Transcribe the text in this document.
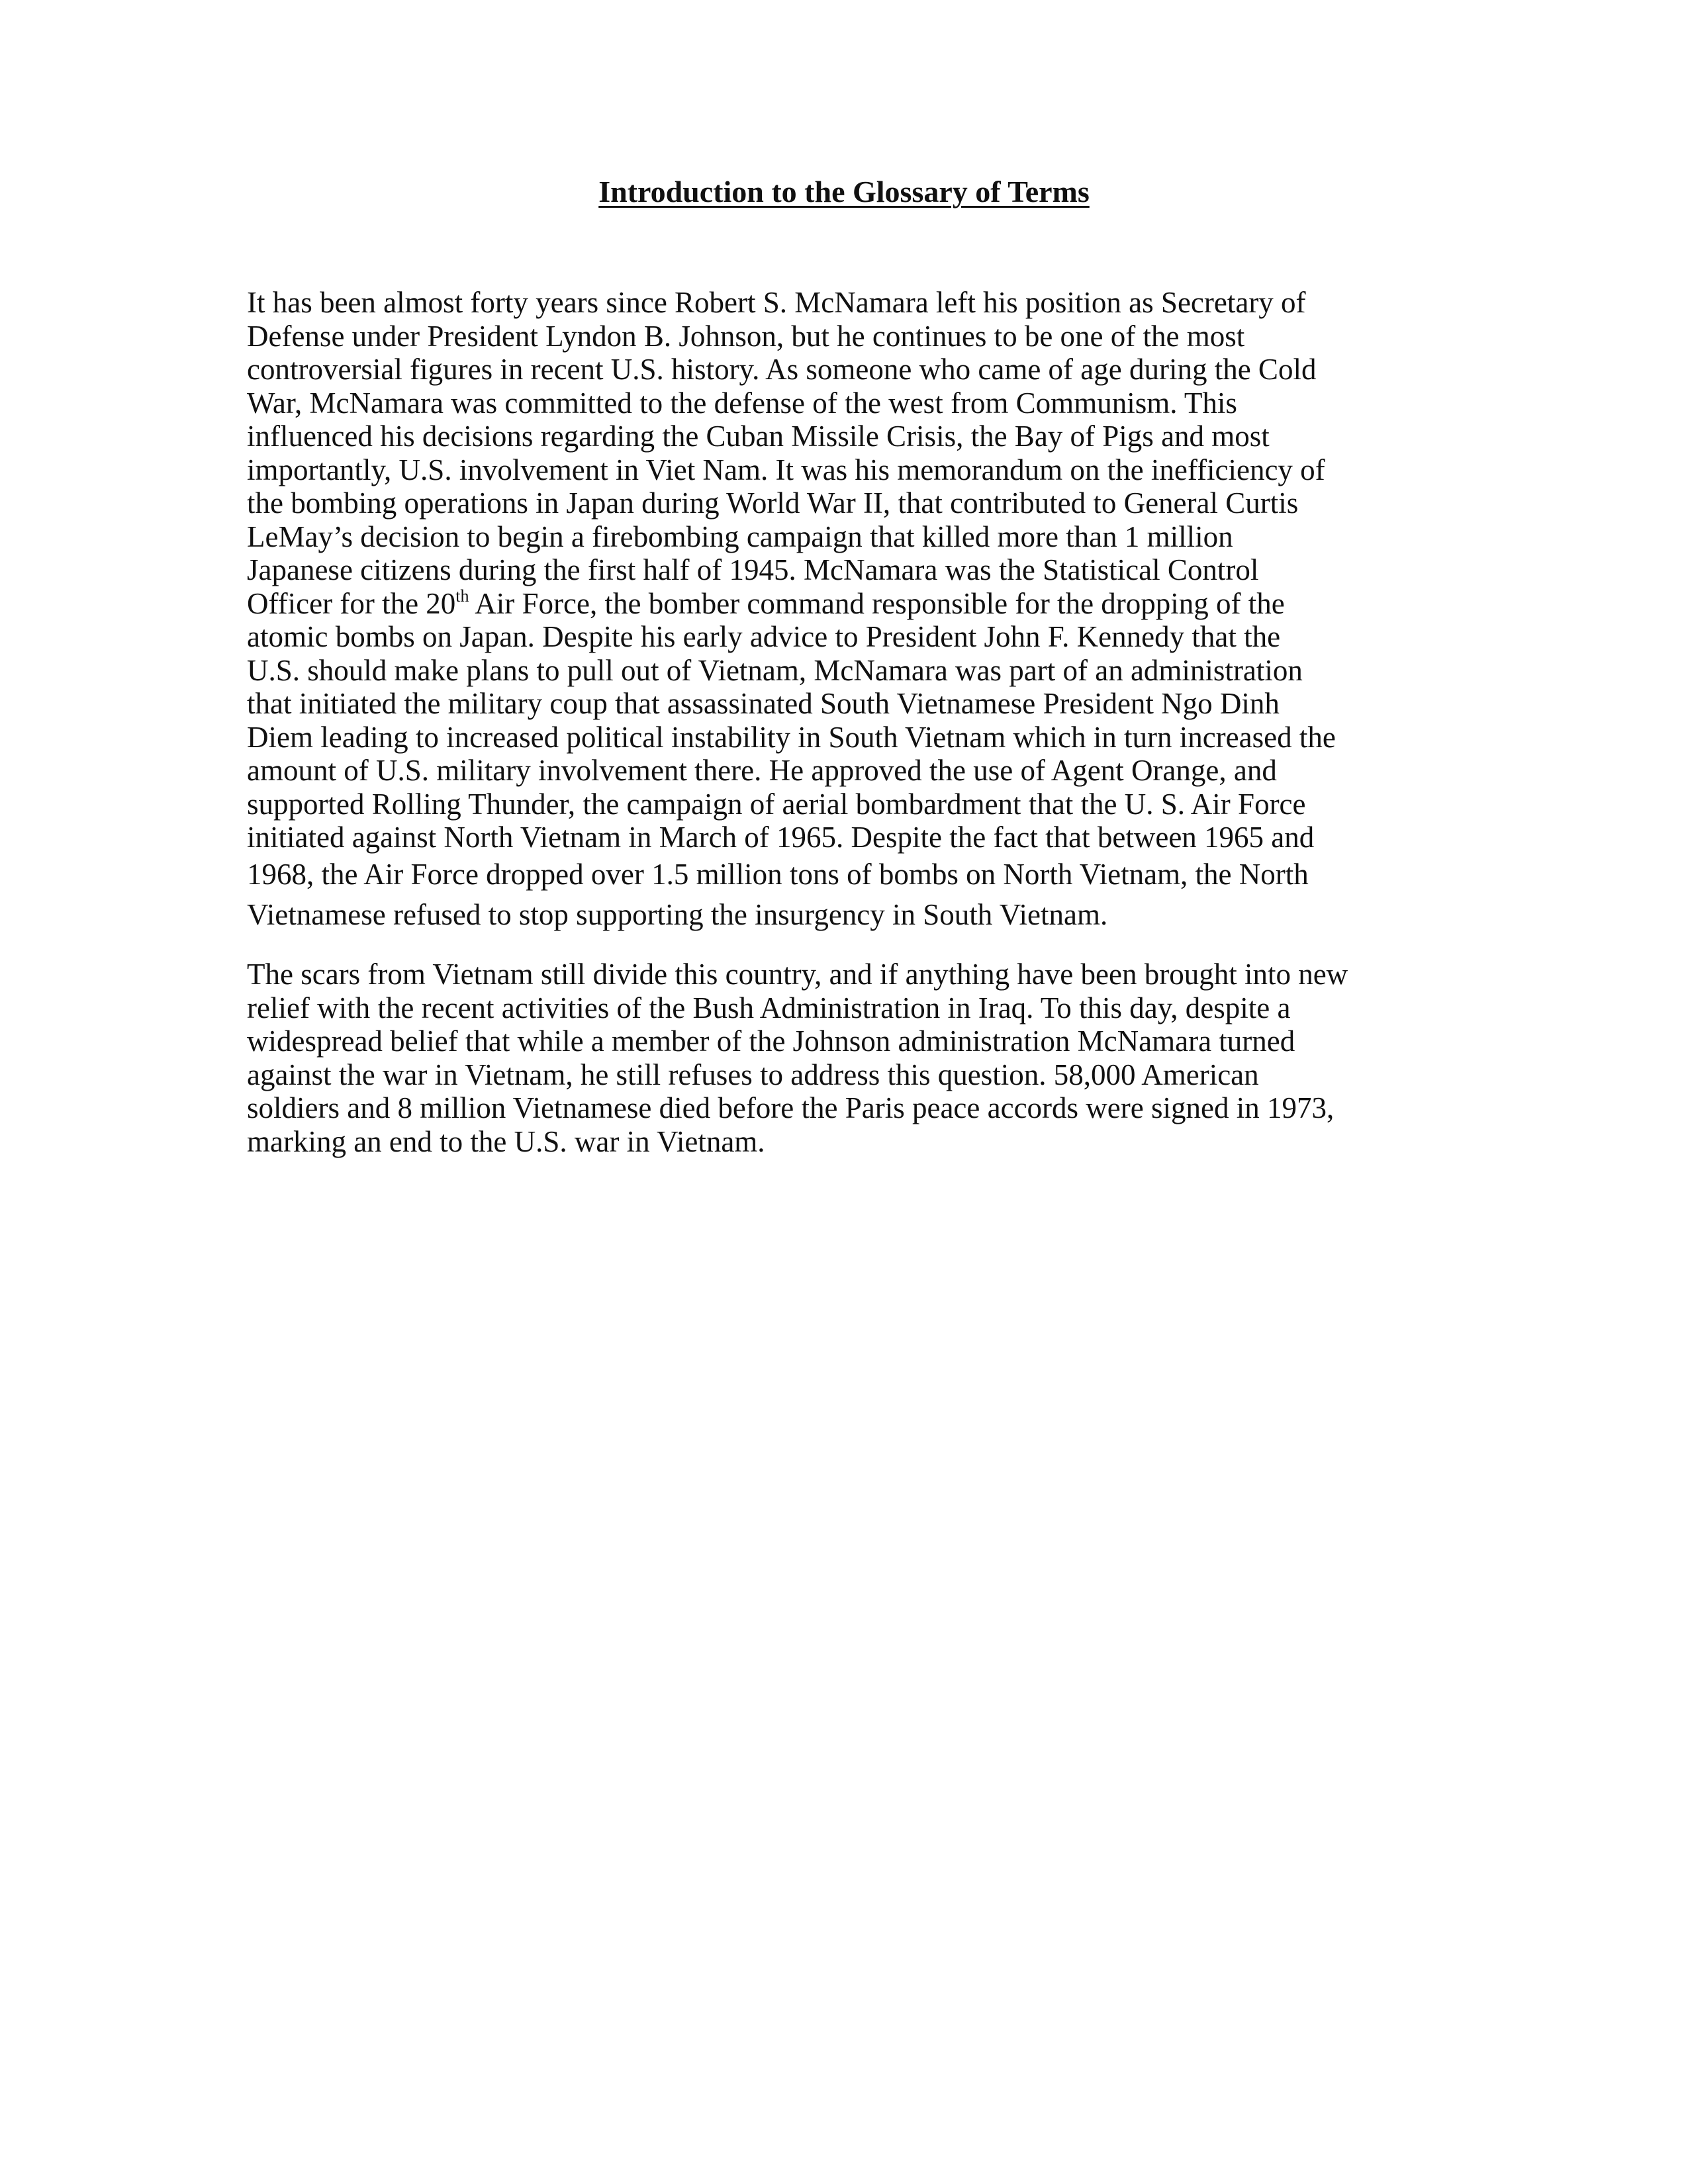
Introduction to the Glossary of Terms
It has been almost forty years since Robert S. McNamara left his position as Secretary of
Defense under President Lyndon B. Johnson, but he continues to be one of the most
controversial figures in recent U.S. history. As someone who came of age during the Cold
War, McNamara was committed to the defense of the west from Communism. This
influenced his decisions regarding the Cuban Missile Crisis, the Bay of Pigs and most
importantly, U.S. involvement in Viet Nam. It was his memorandum on the inefficiency of
the bombing operations in Japan during World War II, that contributed to General Curtis
LeMay’s decision to begin a firebombing campaign that killed more than 1 million
Japanese citizens during the first half of 1945. McNamara was the Statistical Control
Officer for the 20th Air Force, the bomber command responsible for the dropping of the
atomic bombs on Japan. Despite his early advice to President John F. Kennedy that the
U.S. should make plans to pull out of Vietnam, McNamara was part of an administration
that initiated the military coup that assassinated South Vietnamese President Ngo Dinh
Diem leading to increased political instability in South Vietnam which in turn increased the
amount of U.S. military involvement there. He approved the use of Agent Orange, and
supported Rolling Thunder, the campaign of aerial bombardment that the U. S. Air Force
initiated against North Vietnam in March of 1965. Despite the fact that between 1965 and
1968, the Air Force dropped over 1.5 million tons of bombs on North Vietnam, the North
Vietnamese refused to stop supporting the insurgency in South Vietnam.
The scars from Vietnam still divide this country, and if anything have been brought into new
relief with the recent activities of the Bush Administration in Iraq. To this day, despite a
widespread belief that while a member of the Johnson administration McNamara turned
against the war in Vietnam, he still refuses to address this question. 58,000 American
soldiers and 8 million Vietnamese died before the Paris peace accords were signed in 1973,
marking an end to the U.S. war in Vietnam.
